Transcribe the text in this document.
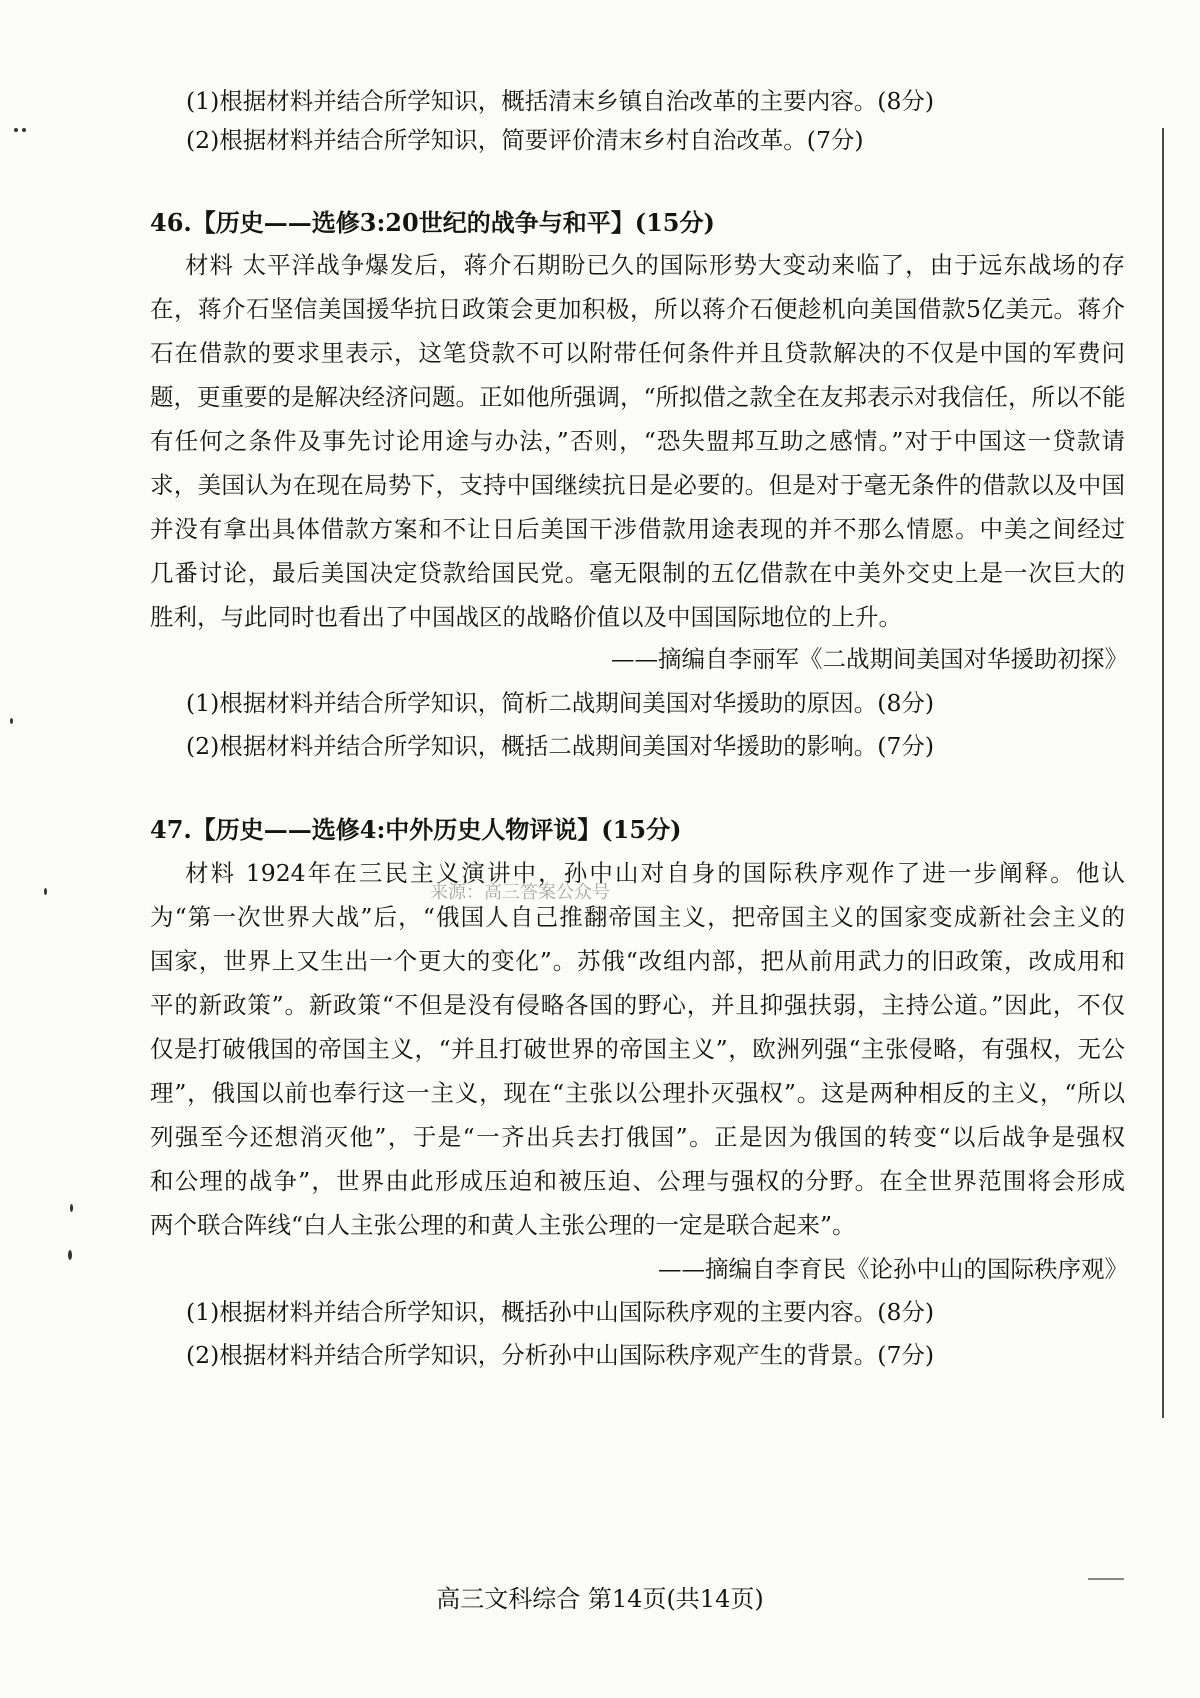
(1)根据材料并结合所学知识，概括清末乡镇自治改革的主要内容。(8分)
(2)根据材料并结合所学知识，简要评价清末乡村自治改革。(7分)
46.【历史——选修3:20世纪的战争与和平】(15分)
材料 太平洋战争爆发后，蒋介石期盼已久的国际形势大变动来临了，由于远东战场的存
在，蒋介石坚信美国援华抗日政策会更加积极，所以蒋介石便趁机向美国借款5亿美元。蒋介
石在借款的要求里表示，这笔贷款不可以附带任何条件并且贷款解决的不仅是中国的军费问
题，更重要的是解决经济问题。正如他所强调，“所拟借之款全在友邦表示对我信任，所以不能
有任何之条件及事先讨论用途与办法，”否则，“恐失盟邦互助之感情。”对于中国这一贷款请
求，美国认为在现在局势下，支持中国继续抗日是必要的。但是对于毫无条件的借款以及中国
并没有拿出具体借款方案和不让日后美国干涉借款用途表现的并不那么情愿。中美之间经过
几番讨论，最后美国决定贷款给国民党。毫无限制的五亿借款在中美外交史上是一次巨大的
胜利，与此同时也看出了中国战区的战略价值以及中国国际地位的上升。
——摘编自李丽军《二战期间美国对华援助初探》
(1)根据材料并结合所学知识，简析二战期间美国对华援助的原因。(8分)
(2)根据材料并结合所学知识，概括二战期间美国对华援助的影响。(7分)
47.【历史——选修4:中外历史人物评说】(15分)
来源：高三答案公众号
材料 1924年在三民主义演讲中，孙中山对自身的国际秩序观作了进一步阐释。他认
为“第一次世界大战”后，“俄国人自己推翻帝国主义，把帝国主义的国家变成新社会主义的
国家，世界上又生出一个更大的变化”。苏俄“改组内部，把从前用武力的旧政策，改成用和
平的新政策”。新政策“不但是没有侵略各国的野心，并且抑强扶弱，主持公道。”因此，不仅
仅是打破俄国的帝国主义，“并且打破世界的帝国主义”，欧洲列强“主张侵略，有强权，无公
理”，俄国以前也奉行这一主义，现在“主张以公理扑灭强权”。这是两种相反的主义，“所以
列强至今还想消灭他”，于是“一齐出兵去打俄国”。正是因为俄国的转变“以后战争是强权
和公理的战争”，世界由此形成压迫和被压迫、公理与强权的分野。在全世界范围将会形成
两个联合阵线“白人主张公理的和黄人主张公理的一定是联合起来”。
——摘编自李育民《论孙中山的国际秩序观》
(1)根据材料并结合所学知识，概括孙中山国际秩序观的主要内容。(8分)
(2)根据材料并结合所学知识，分析孙中山国际秩序观产生的背景。(7分)
高三文科综合 第14页(共14页)
